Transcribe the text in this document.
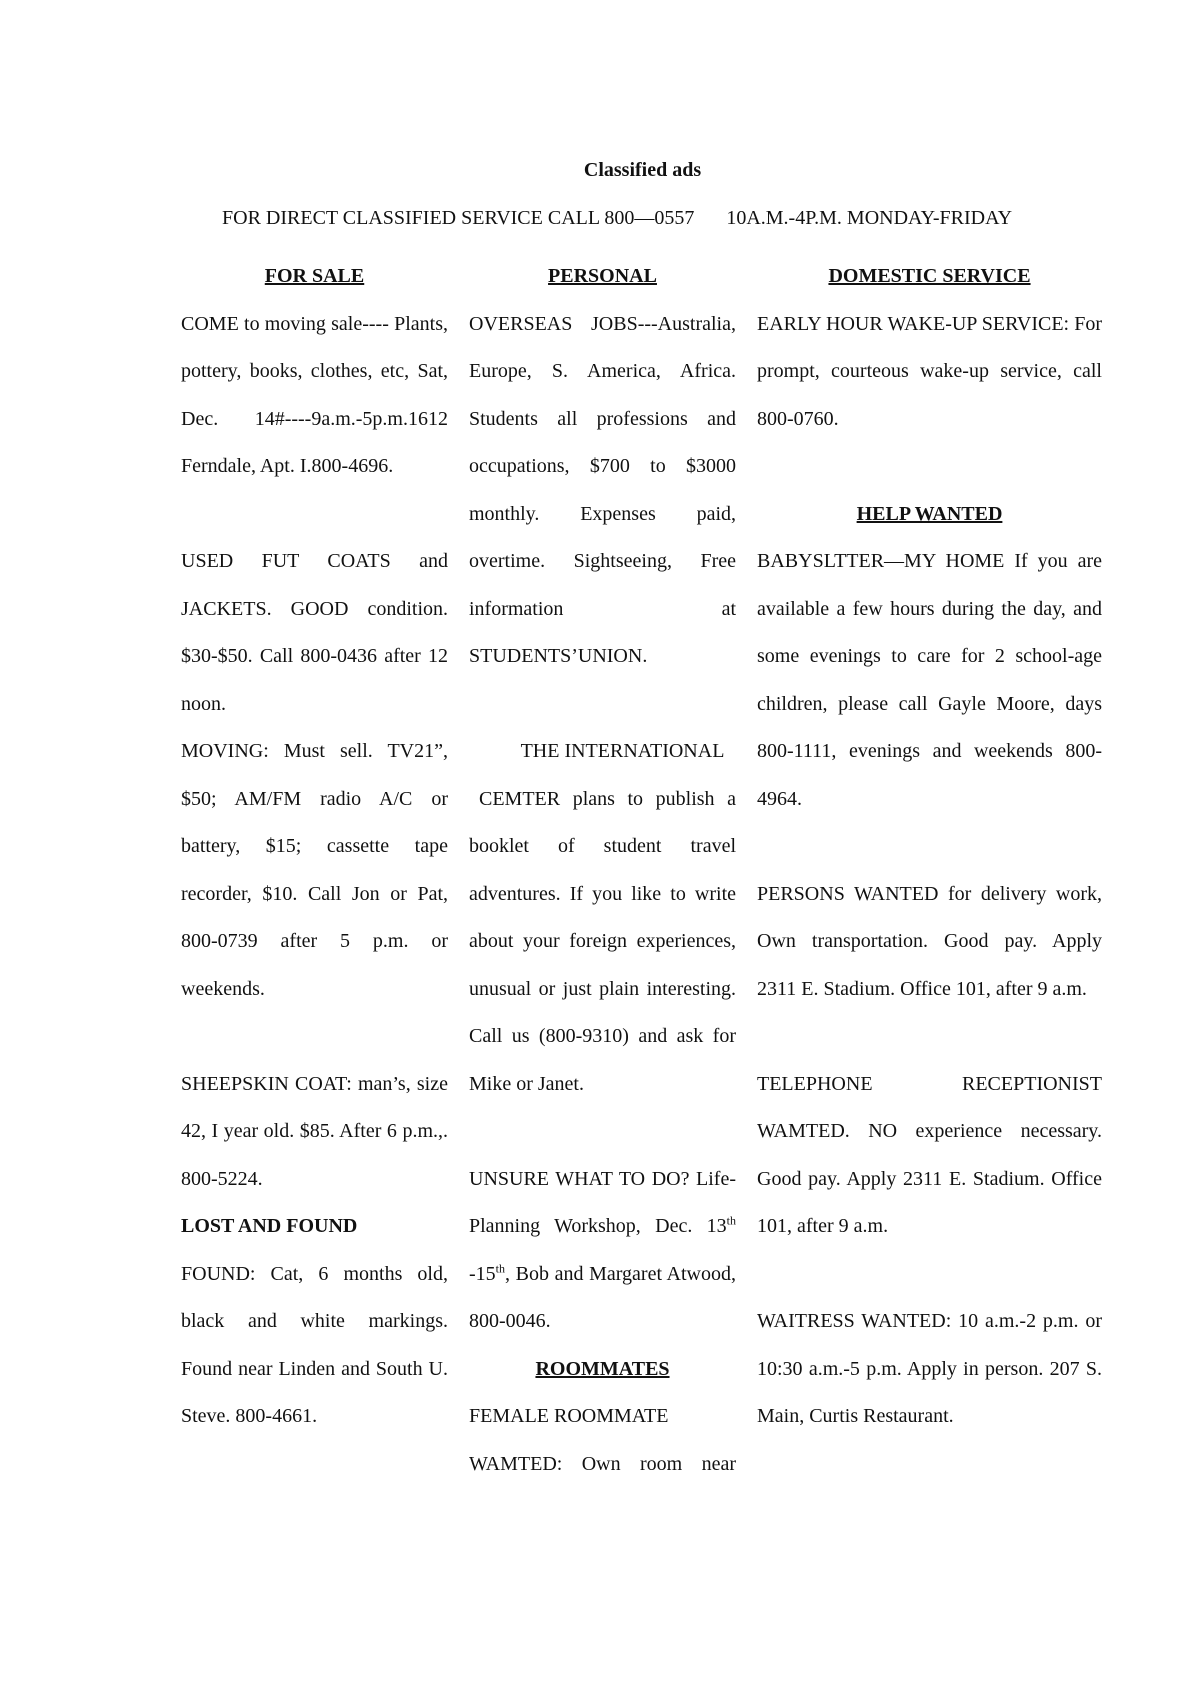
Classified ads
FOR DIRECT CLASSIFIED SERVICE CALL 800—0557 10A.M.-4P.M. MONDAY-FRIDAY

FOR SALE

COME to moving sale---- Plants, pottery, books, clothes, etc, Sat, Dec. 14#----9a.m.-5p.m.1612 Ferndale, Apt. I.800-4696.

USED FUT COATS and JACKETS. GOOD condition. $30-$50. Call 800-0436 after 12 noon.

MOVING: Must sell. TV21”, $50; AM/FM radio A/C or battery, $15; cassette tape recorder, $10. Call Jon or Pat, 800-0739 after 5 p.m. or weekends.

SHEEPSKIN COAT: man’s, size 42, I year old. $85. After 6 p.m.,. 800-5224.

LOST AND FOUND

FOUND: Cat, 6 months old, black and white markings. Found near Linden and South U. Steve. 800-4661.

PERSONAL

OVERSEAS JOBS---Australia, Europe, S. America, Africa. Students all professions and occupations, $700 to $3000 monthly. Expenses paid, overtime. Sightseeing, Free information at STUDENTS’UNION.

THE INTERNATIONAL

CEMTER plans to publish a booklet of student travel adventures. If you like to write about your foreign experiences, unusual or just plain interesting. Call us (800-9310) and ask for Mike or Janet.

UNSURE WHAT TO DO? Life-Planning Workshop, Dec. 13th -15th, Bob and Margaret Atwood, 800-0046.

ROOMMATES

FEMALE ROOMMATE

WAMTED: Own room near

DOMESTIC SERVICE

EARLY HOUR WAKE-UP SERVICE: For prompt, courteous wake-up service, call 800-0760.

HELP WANTED

BABYSLTTER—MY HOME If you are available a few hours during the day, and some evenings to care for 2 school-age children, please call Gayle Moore, days 800-1111, evenings and weekends 800-4964.

PERSONS WANTED for delivery work, Own transportation. Good pay. Apply 2311 E. Stadium. Office 101, after 9 a.m.

TELEPHONE RECEPTIONIST WAMTED. NO experience necessary. Good pay. Apply 2311 E. Stadium. Office 101, after 9 a.m.

WAITRESS WANTED: 10 a.m.-2 p.m. or 10:30 a.m.-5 p.m. Apply in person. 207 S. Main, Curtis Restaurant.
